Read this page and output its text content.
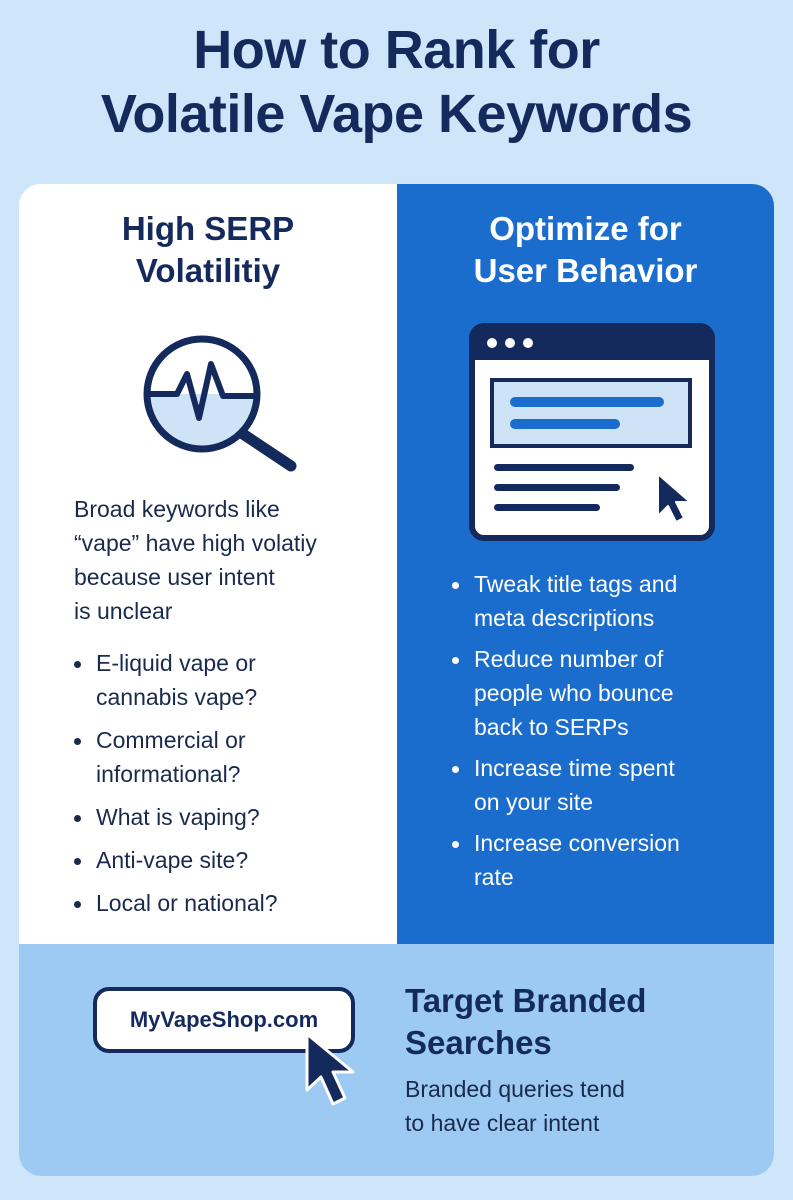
How to Rank for
Volatile Vape Keywords
High SERP
Volatilitiy
Broad keywords like
“vape” have high volatiy
because user intent
is unclear
E-liquid vape or
cannabis vape?
Commercial or
informational?
What is vaping?
Anti-vape site?
Local or national?
Optimize for
User Behavior
Tweak title tags and
meta descriptions
Reduce number of
people who bounce
back to SERPs
Increase time spent
on your site
Increase conversion
rate
MyVapeShop.com
Target Branded
Searches
Branded queries tend
to have clear intent
